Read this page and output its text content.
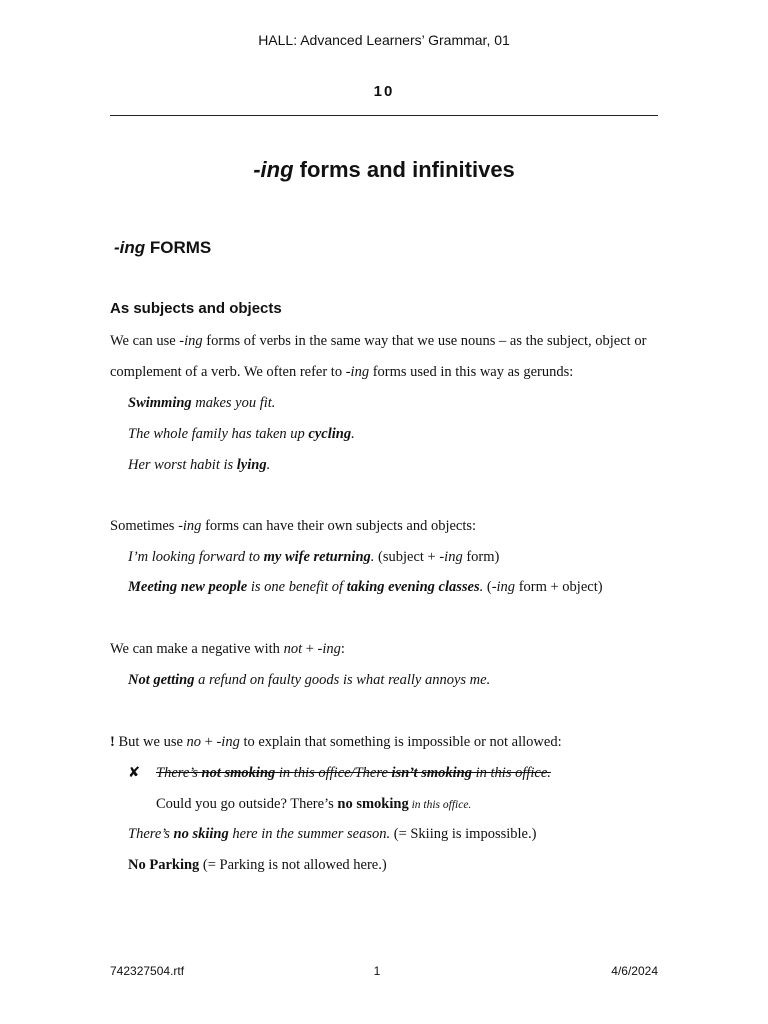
HALL: Advanced Learners’ Grammar, 01
10
-ing forms and infinitives
-ing FORMS
As subjects and objects
We can use -ing forms of verbs in the same way that we use nouns – as the subject, object or
complement of a verb. We often refer to -ing forms used in this way as gerunds:
Swimming makes you fit.
The whole family has taken up cycling.
Her worst habit is lying.
Sometimes -ing forms can have their own subjects and objects:
I’m looking forward to my wife returning. (subject + -ing form)
Meeting new people is one benefit of taking evening classes. (-ing form + object)
We can make a negative with not + -ing:
Not getting a refund on faulty goods is what really annoys me.
! But we use no + -ing to explain that something is impossible or not allowed:
✘ There’s not smoking in this office/There isn’t smoking in this office.
Could you go outside? There’s no smoking in this office.
There’s no skiing here in the summer season. (= Skiing is impossible.)
No Parking (= Parking is not allowed here.)
742327504.rtf	1	4/6/2024
